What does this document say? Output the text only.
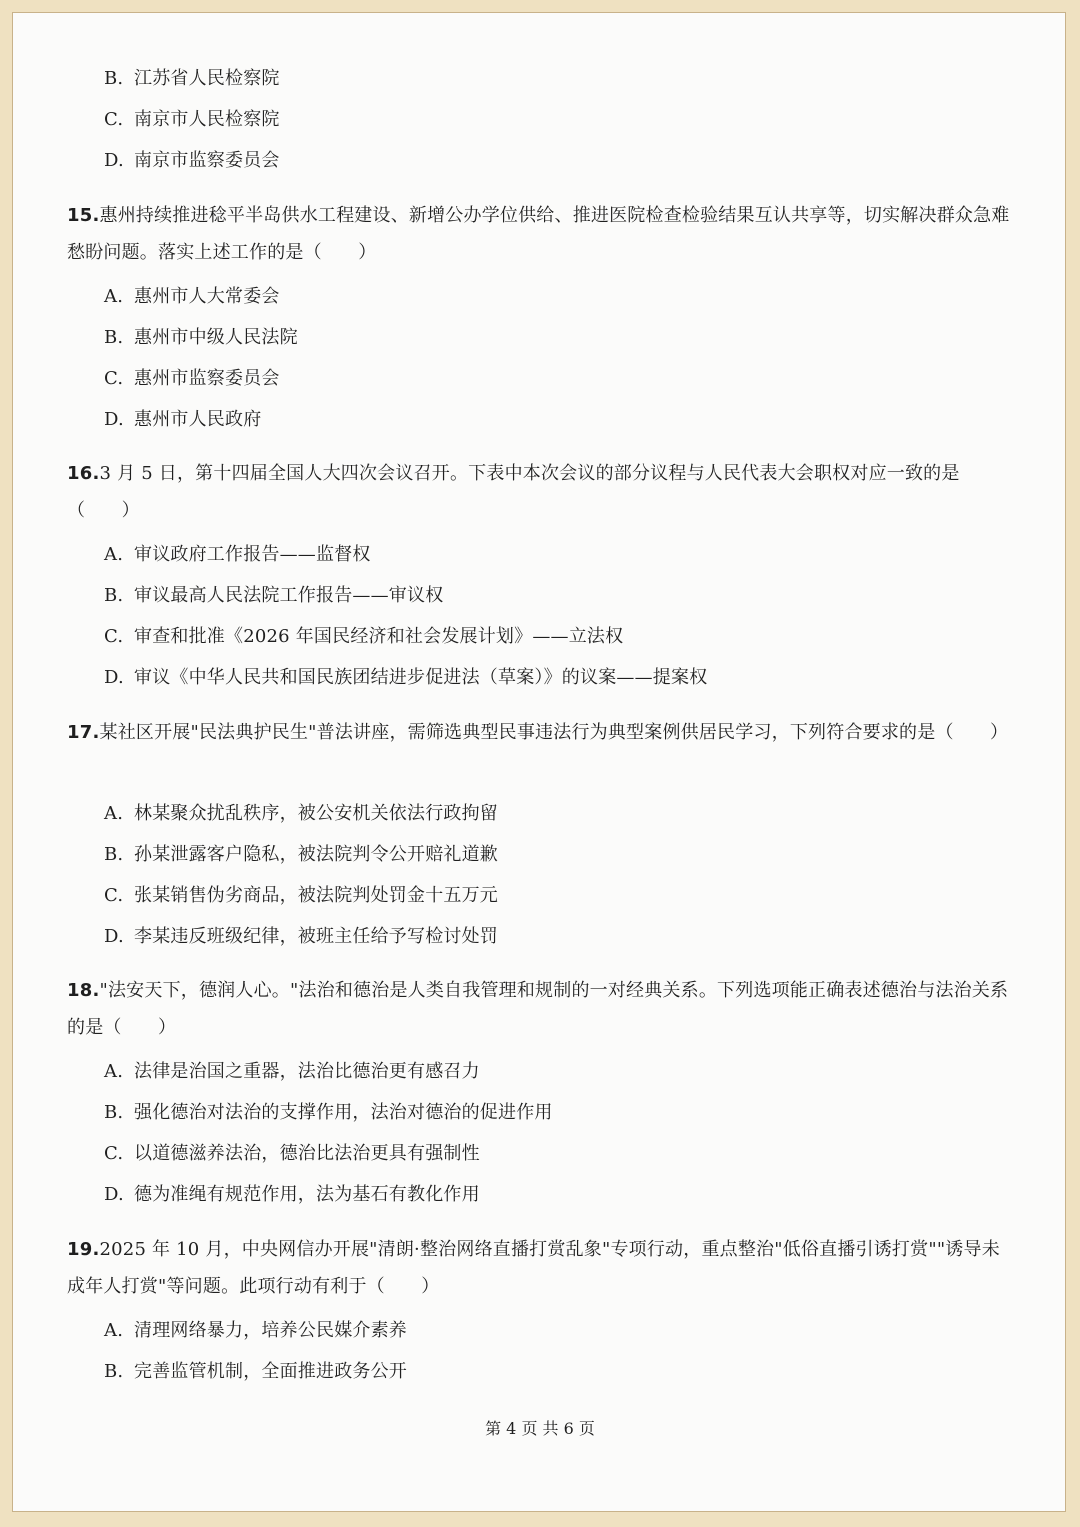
B. 江苏省人民检察院
C. 南京市人民检察院
D. 南京市监察委员会
15.惠州持续推进稔平半岛供水工程建设、新增公办学位供给、推进医院检查检验结果互认共享等，切实解决群众急难愁盼问题。落实上述工作的是（　　）
A. 惠州市人大常委会
B. 惠州市中级人民法院
C. 惠州市监察委员会
D. 惠州市人民政府
16.3 月 5 日，第十四届全国人大四次会议召开。下表中本次会议的部分议程与人民代表大会职权对应一致的是（　　）
A. 审议政府工作报告——监督权
B. 审议最高人民法院工作报告——审议权
C. 审查和批准《2026 年国民经济和社会发展计划》——立法权
D. 审议《中华人民共和国民族团结进步促进法（草案）》的议案——提案权
17.某社区开展"民法典护民生"普法讲座，需筛选典型民事违法行为典型案例供居民学习，下列符合要求的是（　　）
A. 林某聚众扰乱秩序，被公安机关依法行政拘留
B. 孙某泄露客户隐私，被法院判令公开赔礼道歉
C. 张某销售伪劣商品，被法院判处罚金十五万元
D. 李某违反班级纪律，被班主任给予写检讨处罚
18."法安天下，德润人心。"法治和德治是人类自我管理和规制的一对经典关系。下列选项能正确表述德治与法治关系的是（　　）
A. 法律是治国之重器，法治比德治更有感召力
B. 强化德治对法治的支撑作用，法治对德治的促进作用
C. 以道德滋养法治，德治比法治更具有强制性
D. 德为准绳有规范作用，法为基石有教化作用
19.2025 年 10 月，中央网信办开展"清朗·整治网络直播打赏乱象"专项行动，重点整治"低俗直播引诱打赏""诱导未成年人打赏"等问题。此项行动有利于（　　）
A. 清理网络暴力，培养公民媒介素养
B. 完善监管机制，全面推进政务公开
第 4 页 共 6 页
